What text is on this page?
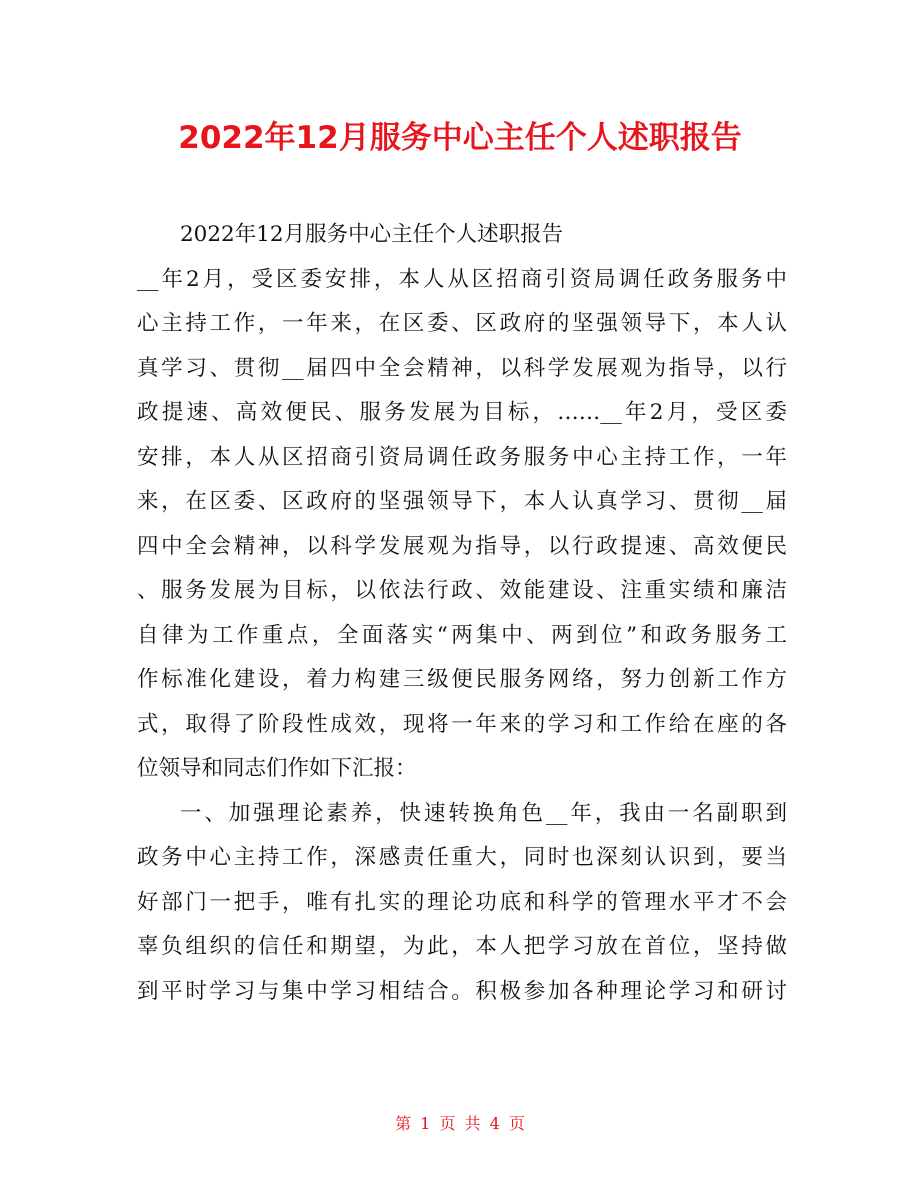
2022年12月服务中心主任个人述职报告
2022年12月服务中心主任个人述职报告
__年2月，受区委安排，本人从区招商引资局调任政务服务中
心主持工作，一年来，在区委、区政府的坚强领导下，本人认
真学习、贯彻__届四中全会精神，以科学发展观为指导，以行
政提速、高效便民、服务发展为目标，……__年2月，受区委
安排，本人从区招商引资局调任政务服务中心主持工作，一年
来，在区委、区政府的坚强领导下，本人认真学习、贯彻__届
四中全会精神，以科学发展观为指导，以行政提速、高效便民
、服务发展为目标，以依法行政、效能建设、注重实绩和廉洁
自律为工作重点，全面落实“两集中、两到位”和政务服务工
作标准化建设，着力构建三级便民服务网络，努力创新工作方
式，取得了阶段性成效，现将一年来的学习和工作给在座的各
位领导和同志们作如下汇报：
一、加强理论素养，快速转换角色__年，我由一名副职到
政务中心主持工作，深感责任重大，同时也深刻认识到，要当
好部门一把手，唯有扎实的理论功底和科学的管理水平才不会
辜负组织的信任和期望，为此，本人把学习放在首位，坚持做
到平时学习与集中学习相结合。积极参加各种理论学习和研讨
第 1 页 共 4 页
